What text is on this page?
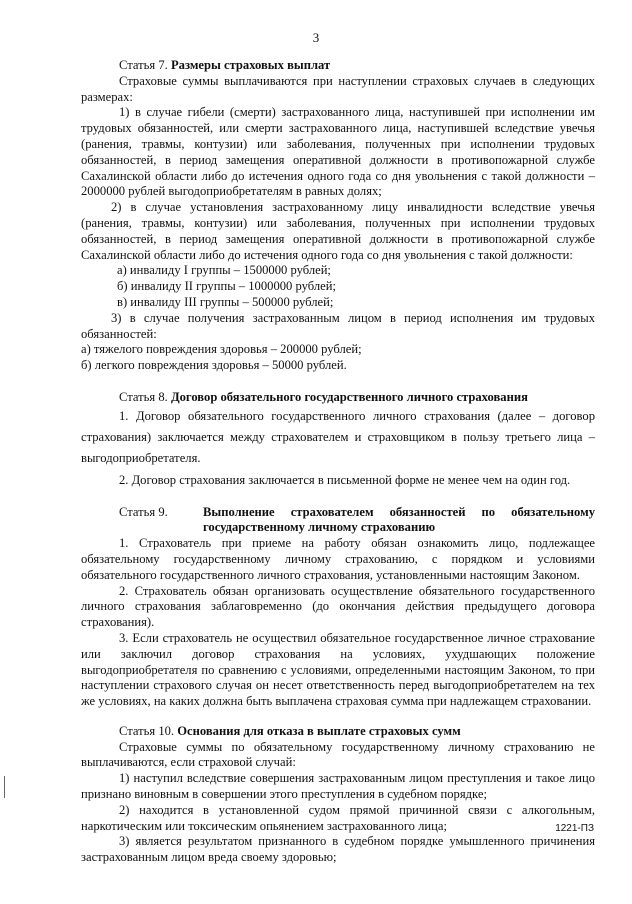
3

Статья 7. Размеры страховых выплат

Страховые суммы выплачиваются при наступлении страховых случаев в следующих размерах:

1) в случае гибели (смерти) застрахованного лица, наступившей при исполнении им трудовых обязанностей, или смерти застрахованного лица, наступившей вследствие увечья (ранения, травмы, контузии) или заболевания, полученных при исполнении трудовых обязанностей, в период замещения оперативной должности в противопожарной службе Сахалинской области либо до истечения одного года со дня увольнения с такой должности – 2000000 рублей выгодоприобретателям в равных долях;

2) в случае установления застрахованному лицу инвалидности вследствие увечья (ранения, травмы, контузии) или заболевания, полученных при исполнении трудовых обязанностей, в период замещения оперативной должности в противопожарной службе Сахалинской области либо до истечения одного года со дня увольнения с такой должности:

а) инвалиду I группы – 1500000 рублей;

б) инвалиду II группы – 1000000 рублей;

в) инвалиду III группы – 500000 рублей;

3) в случае получения застрахованным лицом в период исполнения им трудовых обязанностей:

а) тяжелого повреждения здоровья – 200000 рублей;

б) легкого повреждения здоровья – 50000 рублей.

Статья 8. Договор обязательного государственного личного страхования

1. Договор обязательного государственного личного страхования (далее – договор страхования) заключается между страхователем и страховщиком в пользу третьего лица – выгодоприобретателя.

2. Договор страхования заключается в письменной форме не менее чем на один год.

Статья 9.	Выполнение страхователем обязанностей по обязательному
государственному личному страхованию

1. Страхователь при приеме на работу обязан ознакомить лицо, подлежащее обязательному государственному личному страхованию, с порядком и условиями обязательного государственного личного страхования, установленными настоящим Законом.

2. Страхователь обязан организовать осуществление обязательного государственного личного страхования заблаговременно (до окончания действия предыдущего договора страхования).

3. Если страхователь не осуществил обязательное государственное личное страхование или заключил договор страхования на условиях, ухудшающих положение выгодоприобретателя по сравнению с условиями, определенными настоящим Законом, то при наступлении страхового случая он несет ответственность перед выгодоприобретателем на тех же условиях, на каких должна быть выплачена страховая сумма при надлежащем страховании.

Статья 10. Основания для отказа в выплате страховых сумм

Страховые суммы по обязательному государственному личному страхованию не выплачиваются, если страховой случай:

1) наступил вследствие совершения застрахованным лицом преступления и такое лицо признано виновным в совершении этого преступления в судебном порядке;

2) находится в установленной судом прямой причинной связи с алкогольным, наркотическим или токсическим опьянением застрахованного лица;

3) является результатом признанного в судебном порядке умышленного причинения застрахованным лицом вреда своему здоровью;

1221-ПЗ
